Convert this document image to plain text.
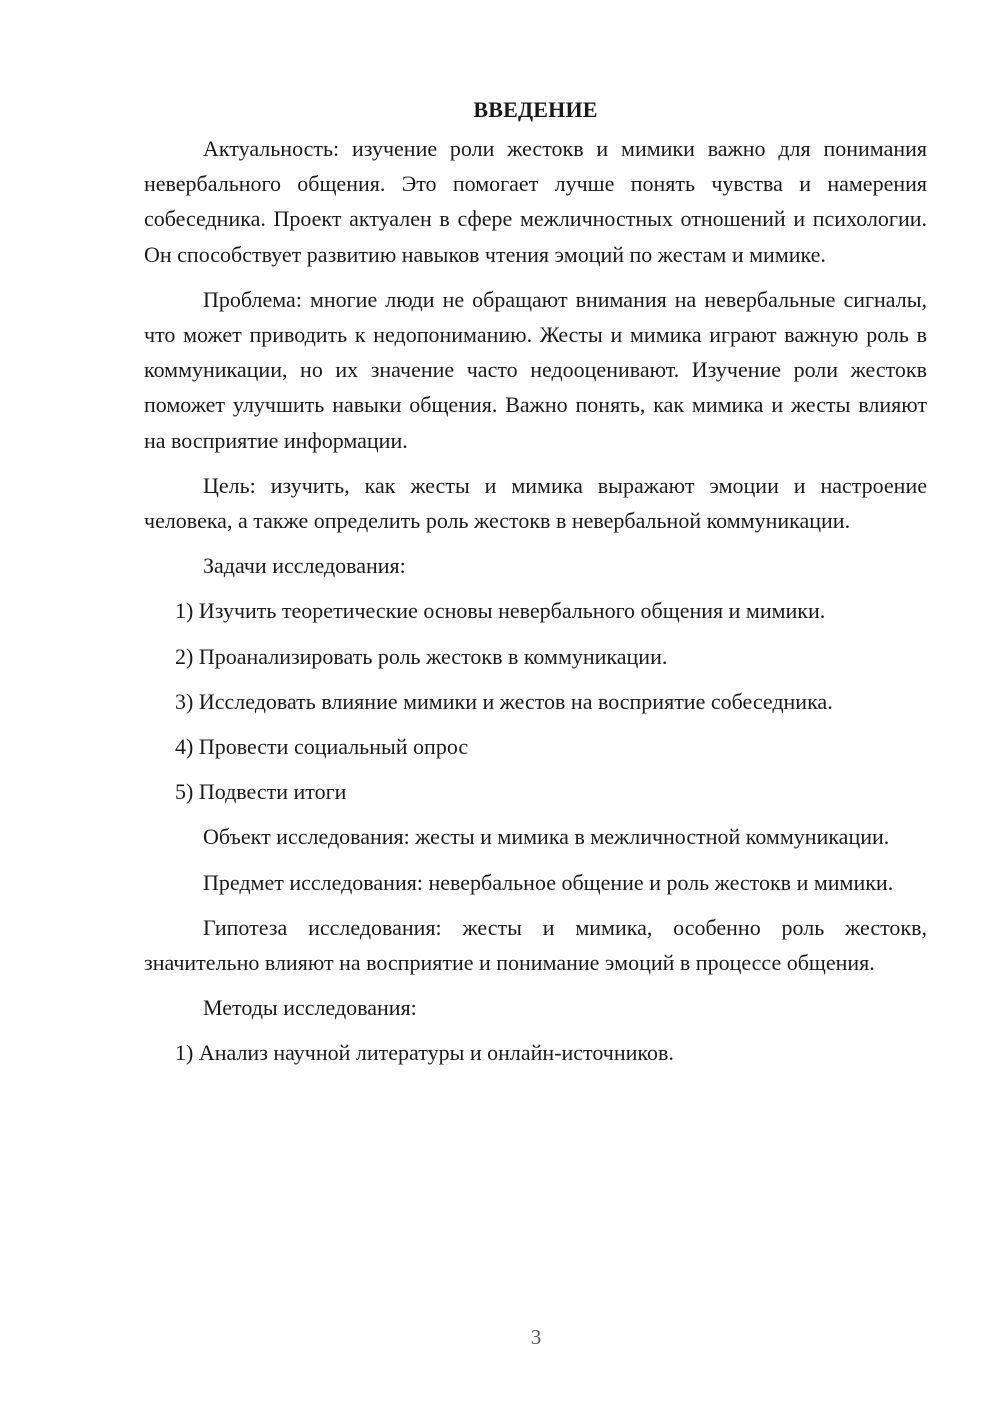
ВВЕДЕНИЕ

Актуальность: изучение роли жестокв и мимики важно для понимания невербального общения. Это помогает лучше понять чувства и намерения собеседника. Проект актуален в сфере межличностных отношений и психологии. Он способствует развитию навыков чтения эмоций по жестам и мимике.

Проблема: многие люди не обращают внимания на невербальные сигналы, что может приводить к недопониманию. Жесты и мимика играют важную роль в коммуникации, но их значение часто недооценивают. Изучение роли жестокв поможет улучшить навыки общения. Важно понять, как мимика и жесты влияют на восприятие информации.

Цель: изучить, как жесты и мимика выражают эмоции и настроение человека, а также определить роль жестокв в невербальной коммуникации.

Задачи исследования:

1) Изучить теоретические основы невербального общения и мимики.
2) Проанализировать роль жестокв в коммуникации.
3) Исследовать влияние мимики и жестов на восприятие собеседника.
4) Провести социальный опрос
5) Подвести итоги

Объект исследования: жесты и мимика в межличностной коммуникации.

Предмет исследования: невербальное общение и роль жестокв и мимики.

Гипотеза исследования: жесты и мимика, особенно роль жестокв, значительно влияют на восприятие и понимание эмоций в процессе общения.

Методы исследования:

1) Анализ научной литературы и онлайн-источников.
3
